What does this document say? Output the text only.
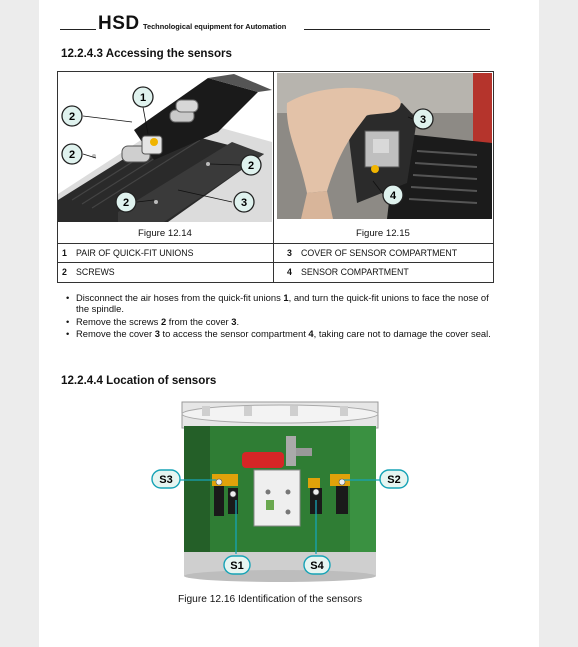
HSD Technological equipment for Automation
12.2.4.3 Accessing the sensors
1
2
2
2
2	3
3
4
Figure 12.14	Figure 12.15
1 PAIR OF QUICK-FIT UNIONS	3 COVER OF SENSOR COMPARTMENT
2 SCREWS	4 SENSOR COMPARTMENT
• Disconnect the air hoses from the quick-fit unions 1, and turn the quick-fit unions to face the nose of the spindle.
• Remove the screws 2 from the cover 3.
• Remove the cover 3 to access the sensor compartment 4, taking care not to damage the cover seal.
12.2.4.4 Location of sensors
S3	S2
S1	S4
Figure 12.16 Identification of the sensors
